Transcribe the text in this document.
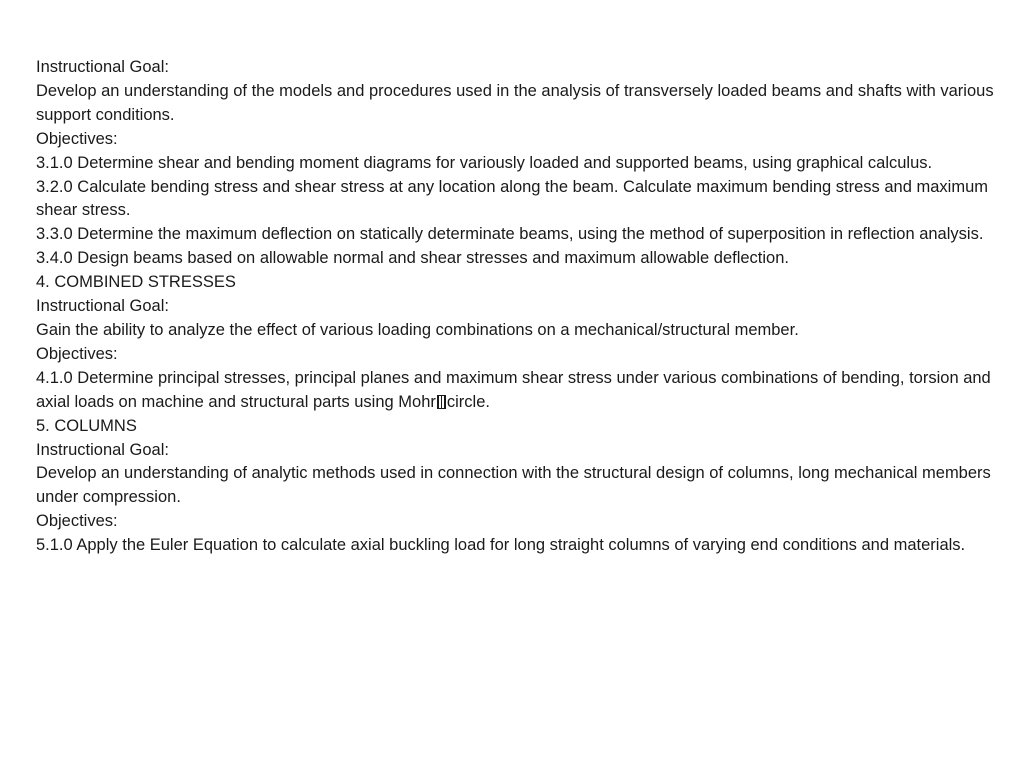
Instructional Goal:
Develop an understanding of the models and procedures used in the analysis of transversely loaded beams and shafts with various support conditions.
Objectives:
3.1.0 Determine shear and bending moment diagrams for variously loaded and supported beams, using graphical calculus.
3.2.0 Calculate bending stress and shear stress at any location along the beam. Calculate maximum bending stress and maximum shear stress.
3.3.0 Determine the maximum deflection on statically determinate beams, using the method of superposition in reflection analysis.
3.4.0 Design beams based on allowable normal and shear stresses and maximum allowable deflection.
4. COMBINED STRESSES
Instructional Goal:
Gain the ability to analyze the effect of various loading combinations on a mechanical/structural member.
Objectives:
4.1.0 Determine principal stresses, principal planes and maximum shear stress under various combinations of bending, torsion and axial loads on machine and structural parts using Mohr circle.
5. COLUMNS
Instructional Goal:
Develop an understanding of analytic methods used in connection with the structural design of columns, long mechanical members under compression.
Objectives:
5.1.0 Apply the Euler Equation to calculate axial buckling load for long straight columns of varying end conditions and materials.
